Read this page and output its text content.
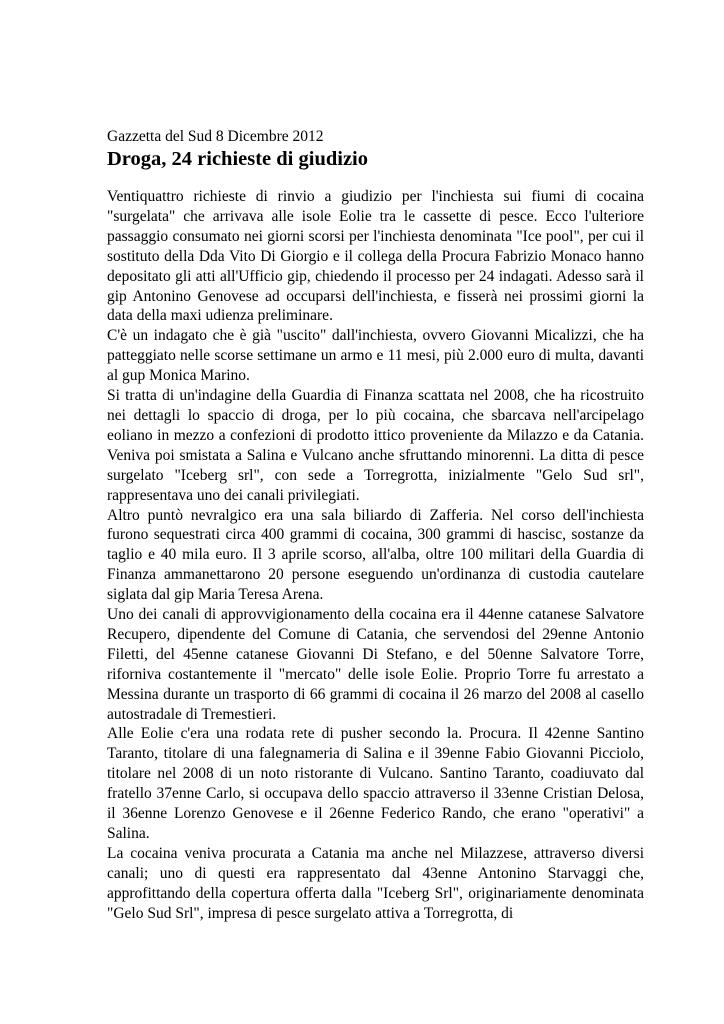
Gazzetta del Sud 8 Dicembre 2012

Droga, 24 richieste di giudizio

Ventiquattro richieste di rinvio a giudizio per l'inchiesta sui fiumi di cocaina "surgelata" che arrivava alle isole Eolie tra le cassette di pesce. Ecco l'ulteriore passaggio consumato nei giorni scorsi per l'inchiesta denominata "Ice pool", per cui il sostituto della Dda Vito Di Giorgio e il collega della Procura Fabrizio Monaco hanno depositato gli atti all'Ufficio gip, chiedendo il processo per 24 indagati. Adesso sarà il gip Antonino Genovese ad occuparsi dell'inchiesta, e fisserà nei prossimi giorni la data della maxi udienza preliminare.

C'è un indagato che è già "uscito" dall'inchiesta, ovvero Giovanni Micalizzi, che ha patteggiato nelle scorse settimane un armo e 11 mesi, più 2.000 euro di multa, davanti al gup Monica Marino.

Si tratta di un'indagine della Guardia di Finanza scattata nel 2008, che ha ricostruito nei dettagli lo spaccio di droga, per lo più cocaina, che sbarcava nell'arcipelago eoliano in mezzo a confezioni di prodotto ittico proveniente da Milazzo e da Catania. Veniva poi smistata a Salina e Vulcano anche sfruttando minorenni. La ditta di pesce surgelato "Iceberg srl", con sede a Torregrotta, inizialmente "Gelo Sud srl", rappresentava uno dei canali privilegiati.

Altro puntò nevralgico era una sala biliardo di Zafferia. Nel corso dell'inchiesta furono sequestrati circa 400 grammi di cocaina, 300 grammi di hascisc, sostanze da taglio e 40 mila euro. Il 3 aprile scorso, all'alba, oltre 100 militari della Guardia di Finanza ammanettarono 20 persone eseguendo un'ordinanza di custodia cautelare siglata dal gip Maria Teresa Arena.

Uno dei canali di approvvigionamento della cocaina era il 44enne catanese Salvatore Recupero, dipendente del Comune di Catania, che servendosi del 29enne Antonio Filetti, del 45enne catanese Giovanni Di Stefano, e del 50enne Salvatore Torre, riforniva costantemente il "mercato" delle isole Eolie. Proprio Torre fu arrestato a Messina durante un trasporto di 66 grammi di cocaina il 26 marzo del 2008 al casello autostradale di Tremestieri.

Alle Eolie c'era una rodata rete di pusher secondo la. Procura. Il 42enne Santino Taranto, titolare di una falegnameria di Salina e il 39enne Fabio Giovanni Picciolo, titolare nel 2008 di un noto ristorante di Vulcano. Santino Taranto, coadiuvato dal fratello 37enne Carlo, si occupava dello spaccio attraverso il 33enne Cristian Delosa, il 36enne Lorenzo Genovese e il 26enne Federico Rando, che erano "operativi" a Salina.

La cocaina veniva procurata a Catania ma anche nel Milazzese, attraverso diversi canali; uno di questi era rappresentato dal 43enne Antonino Starvaggi che, approfittando della copertura offerta dalla "Iceberg Srl", originariamente denominata "Gelo Sud Srl", impresa di pesce surgelato attiva a Torregrotta, di
